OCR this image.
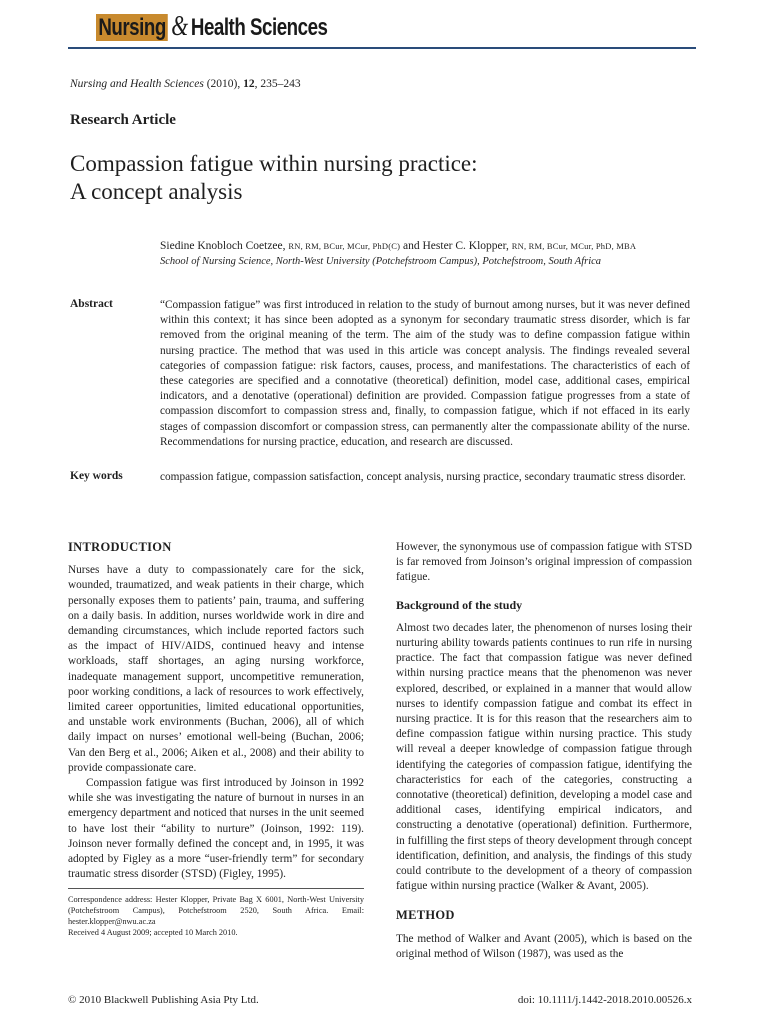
Nursing & Health Sciences
Nursing and Health Sciences (2010), 12, 235–243
Research Article
Compassion fatigue within nursing practice:
A concept analysis
Siedine Knobloch Coetzee, RN, RM, BCur, MCur, PhD(C) and Hester C. Klopper, RN, RM, BCur, MCur, PhD, MBA
School of Nursing Science, North-West University (Potchefstroom Campus), Potchefstroom, South Africa
Abstract	“Compassion fatigue” was first introduced in relation to the study of burnout among nurses, but it was never defined within this context; it has since been adopted as a synonym for secondary traumatic stress disorder, which is far removed from the original meaning of the term. The aim of the study was to define compassion fatigue within nursing practice. The method that was used in this article was concept analysis. The findings revealed several categories of compassion fatigue: risk factors, causes, process, and manifestations. The characteristics of each of these categories are specified and a connotative (theoretical) definition, model case, additional cases, empirical indicators, and a denotative (operational) definition are provided. Compassion fatigue progresses from a state of compassion discomfort to compassion stress and, finally, to compassion fatigue, which if not effaced in its early stages of compassion discomfort or compassion stress, can permanently alter the compassionate ability of the nurse. Recommendations for nursing practice, education, and research are discussed.
Key words	compassion fatigue, compassion satisfaction, concept analysis, nursing practice, secondary traumatic stress disorder.
INTRODUCTION

Nurses have a duty to compassionately care for the sick, wounded, traumatized, and weak patients in their charge, which personally exposes them to patients’ pain, trauma, and suffering on a daily basis. In addition, nurses worldwide work in dire and demanding circumstances, which include reported factors such as the impact of HIV/AIDS, continued heavy and intense workloads, staff shortages, an aging nursing workforce, inadequate management support, uncompetitive remuneration, poor working conditions, a lack of resources to work effectively, limited career opportunities, limited educational opportunities, and unstable work environments (Buchan, 2006), all of which daily impact on nurses’ emotional well-being (Buchan, 2006; Van den Berg et al., 2006; Aiken et al., 2008) and their ability to provide compassionate care.

Compassion fatigue was first introduced by Joinson in 1992 while she was investigating the nature of burnout in nurses in an emergency department and noticed that nurses in the unit seemed to have lost their “ability to nurture” (Joinson, 1992: 119). Joinson never formally defined the concept and, in 1995, it was adopted by Figley as a more “user-friendly term” for secondary traumatic stress disorder (STSD) (Figley, 1995).

However, the synonymous use of compassion fatigue with STSD is far removed from Joinson’s original impression of compassion fatigue.

Background of the study

Almost two decades later, the phenomenon of nurses losing their nurturing ability towards patients continues to run rife in nursing practice. The fact that compassion fatigue was never defined within nursing practice means that the phenomenon was never explored, described, or explained in a manner that would allow nurses to identify compassion fatigue and combat its effect in nursing practice. It is for this reason that the researchers aim to define compassion fatigue within nursing practice. This study will reveal a deeper knowledge of compassion fatigue through identifying the categories of compassion fatigue, identifying the characteristics for each of the categories, constructing a connotative (theoretical) definition, developing a model case and additional cases, identifying empirical indicators, and constructing a denotative (operational) definition. Furthermore, in fulfilling the first steps of theory development through concept identification, definition, and analysis, the findings of this study could contribute to the development of a theory of compassion fatigue within nursing practice (Walker & Avant, 2005).

METHOD

The method of Walker and Avant (2005), which is based on the original method of Wilson (1987), was used as the

Correspondence address: Hester Klopper, Private Bag X 6001, North-West University (Potchefstroom Campus), Potchefstroom 2520, South Africa. Email: hester.klopper@nwu.ac.za
Received 4 August 2009; accepted 10 March 2010.
© 2010 Blackwell Publishing Asia Pty Ltd.	doi: 10.1111/j.1442-2018.2010.00526.x
